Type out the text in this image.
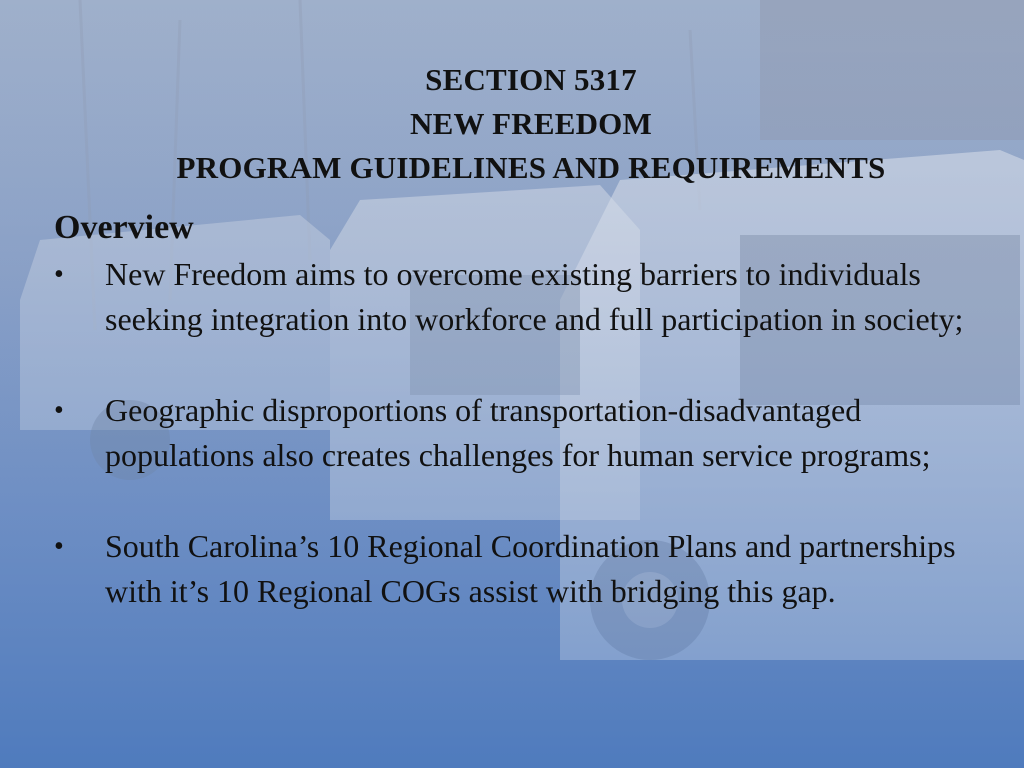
SECTION 5317
NEW FREEDOM
PROGRAM GUIDELINES AND REQUIREMENTS
Overview
•	New Freedom aims to overcome existing barriers to individuals seeking integration into workforce and full participation in society;
•	Geographic disproportions of transportation-disadvantaged populations also creates challenges for human service programs;
•	South Carolina’s 10 Regional Coordination Plans and partnerships with it’s 10 Regional COGs assist with bridging this gap.
